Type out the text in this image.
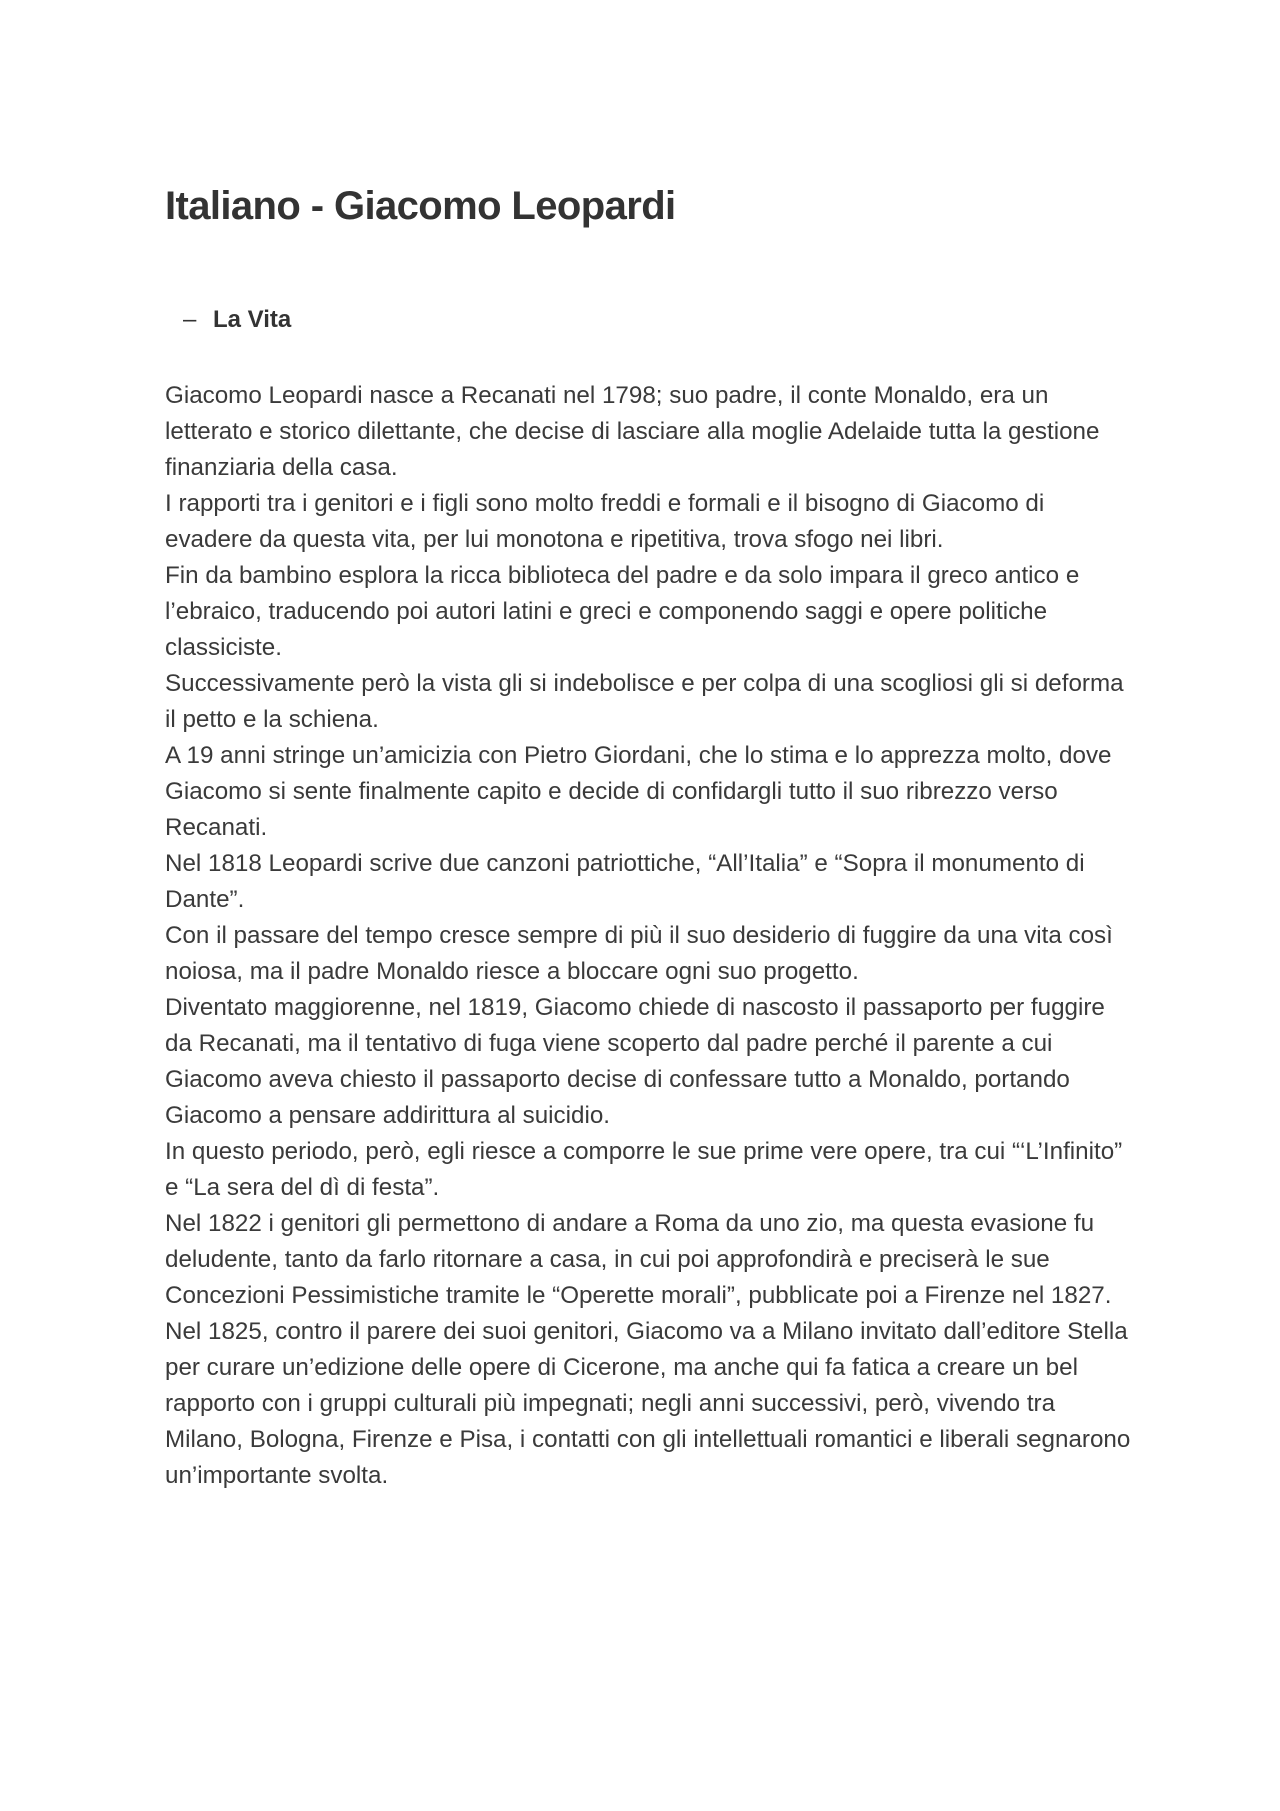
Italiano - Giacomo Leopardi
– La Vita

Giacomo Leopardi nasce a Recanati nel 1798; suo padre, il conte Monaldo, era un letterato e storico dilettante, che decise di lasciare alla moglie Adelaide tutta la gestione finanziaria della casa.

I rapporti tra i genitori e i figli sono molto freddi e formali e il bisogno di Giacomo di evadere da questa vita, per lui monotona e ripetitiva, trova sfogo nei libri.

Fin da bambino esplora la ricca biblioteca del padre e da solo impara il greco antico e l’ebraico, traducendo poi autori latini e greci e componendo saggi e opere politiche classiciste.

Successivamente però la vista gli si indebolisce e per colpa di una scogliosi gli si deforma il petto e la schiena.

A 19 anni stringe un’amicizia con Pietro Giordani, che lo stima e lo apprezza molto, dove Giacomo si sente finalmente capito e decide di confidargli tutto il suo ribrezzo verso Recanati.

Nel 1818 Leopardi scrive due canzoni patriottiche, “All’Italia” e “Sopra il monumento di Dante”.

Con il passare del tempo cresce sempre di più il suo desiderio di fuggire da una vita così noiosa, ma il padre Monaldo riesce a bloccare ogni suo progetto.

Diventato maggiorenne, nel 1819, Giacomo chiede di nascosto il passaporto per fuggire da Recanati, ma il tentativo di fuga viene scoperto dal padre perché il parente a cui Giacomo aveva chiesto il passaporto decise di confessare tutto a Monaldo, portando Giacomo a pensare addirittura al suicidio.

In questo periodo, però, egli riesce a comporre le sue prime vere opere, tra cui “‘L’Infinito” e “La sera del dì di festa”.

Nel 1822 i genitori gli permettono di andare a Roma da uno zio, ma questa evasione fu deludente, tanto da farlo ritornare a casa, in cui poi approfondirà e preciserà le sue Concezioni Pessimistiche tramite le “Operette morali”, pubblicate poi a Firenze nel 1827.

Nel 1825, contro il parere dei suoi genitori, Giacomo va a Milano invitato dall’editore Stella per curare un’edizione delle opere di Cicerone, ma anche qui fa fatica a creare un bel rapporto con i gruppi culturali più impegnati; negli anni successivi, però, vivendo tra Milano, Bologna, Firenze e Pisa, i contatti con gli intellettuali romantici e liberali segnarono un’importante svolta.
